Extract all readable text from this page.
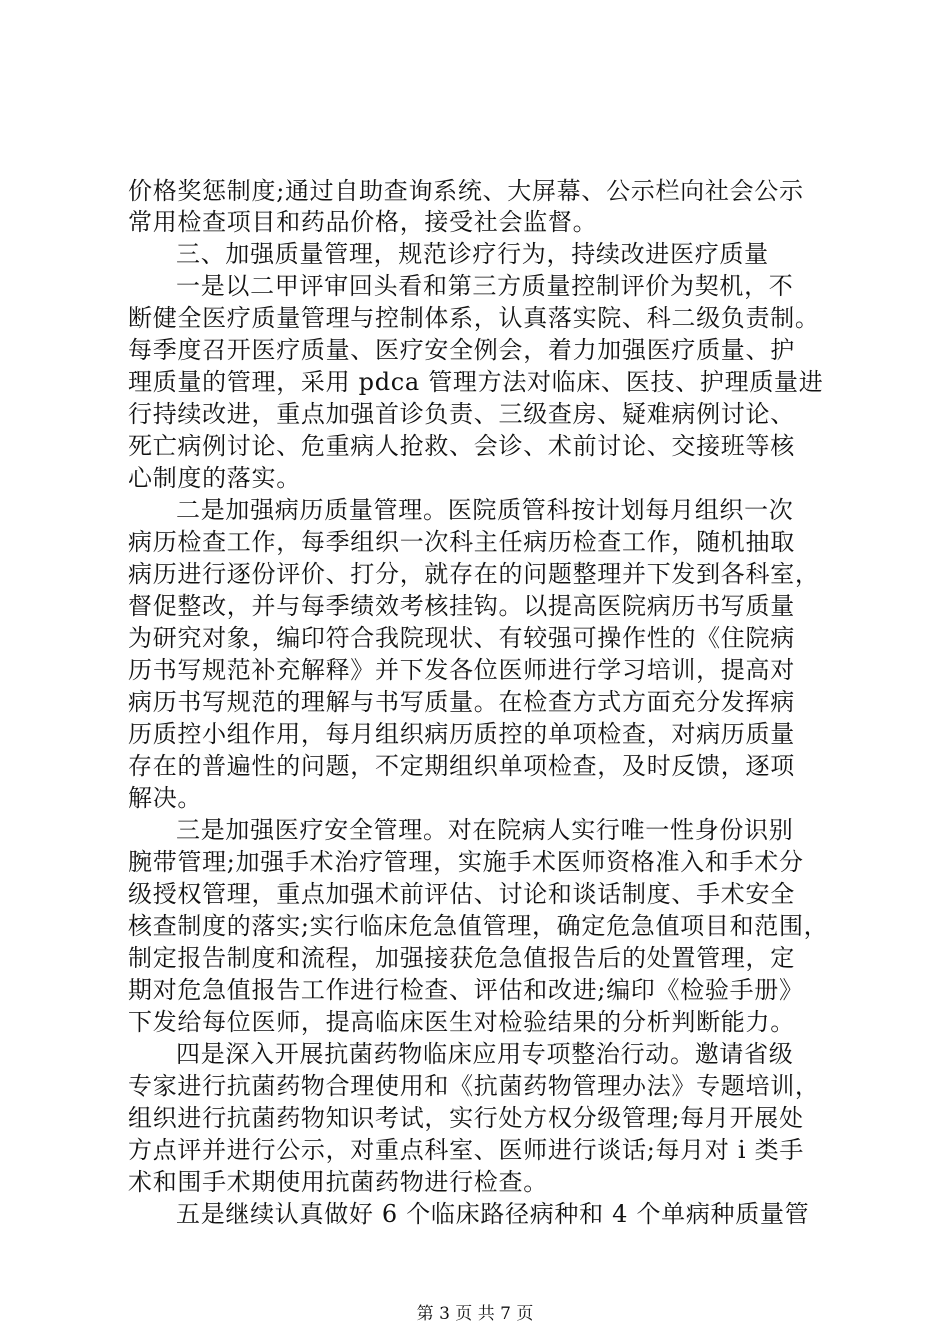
价格奖惩制度;通过自助查询系统、大屏幕、公示栏向社会公示
常用检查项目和药品价格，接受社会监督。
三、加强质量管理，规范诊疗行为，持续改进医疗质量
一是以二甲评审回头看和第三方质量控制评价为契机，不
断健全医疗质量管理与控制体系，认真落实院、科二级负责制。
每季度召开医疗质量、医疗安全例会，着力加强医疗质量、护
理质量的管理，采用 pdca 管理方法对临床、医技、护理质量进
行持续改进，重点加强首诊负责、三级查房、疑难病例讨论、
死亡病例讨论、危重病人抢救、会诊、术前讨论、交接班等核
心制度的落实。
二是加强病历质量管理。医院质管科按计划每月组织一次
病历检查工作，每季组织一次科主任病历检查工作，随机抽取
病历进行逐份评价、打分，就存在的问题整理并下发到各科室，
督促整改，并与每季绩效考核挂钩。以提高医院病历书写质量
为研究对象，编印符合我院现状、有较强可操作性的《住院病
历书写规范补充解释》并下发各位医师进行学习培训，提高对
病历书写规范的理解与书写质量。在检查方式方面充分发挥病
历质控小组作用，每月组织病历质控的单项检查，对病历质量
存在的普遍性的问题，不定期组织单项检查，及时反馈，逐项
解决。
三是加强医疗安全管理。对在院病人实行唯一性身份识别
腕带管理;加强手术治疗管理，实施手术医师资格准入和手术分
级授权管理，重点加强术前评估、讨论和谈话制度、手术安全
核查制度的落实;实行临床危急值管理，确定危急值项目和范围，
制定报告制度和流程，加强接获危急值报告后的处置管理，定
期对危急值报告工作进行检查、评估和改进;编印《检验手册》
下发给每位医师，提高临床医生对检验结果的分析判断能力。
四是深入开展抗菌药物临床应用专项整治行动。邀请省级
专家进行抗菌药物合理使用和《抗菌药物管理办法》专题培训，
组织进行抗菌药物知识考试，实行处方权分级管理;每月开展处
方点评并进行公示，对重点科室、医师进行谈话;每月对 i 类手
术和围手术期使用抗菌药物进行检查。
五是继续认真做好 6 个临床路径病种和 4 个单病种质量管
第 3 页 共 7 页
